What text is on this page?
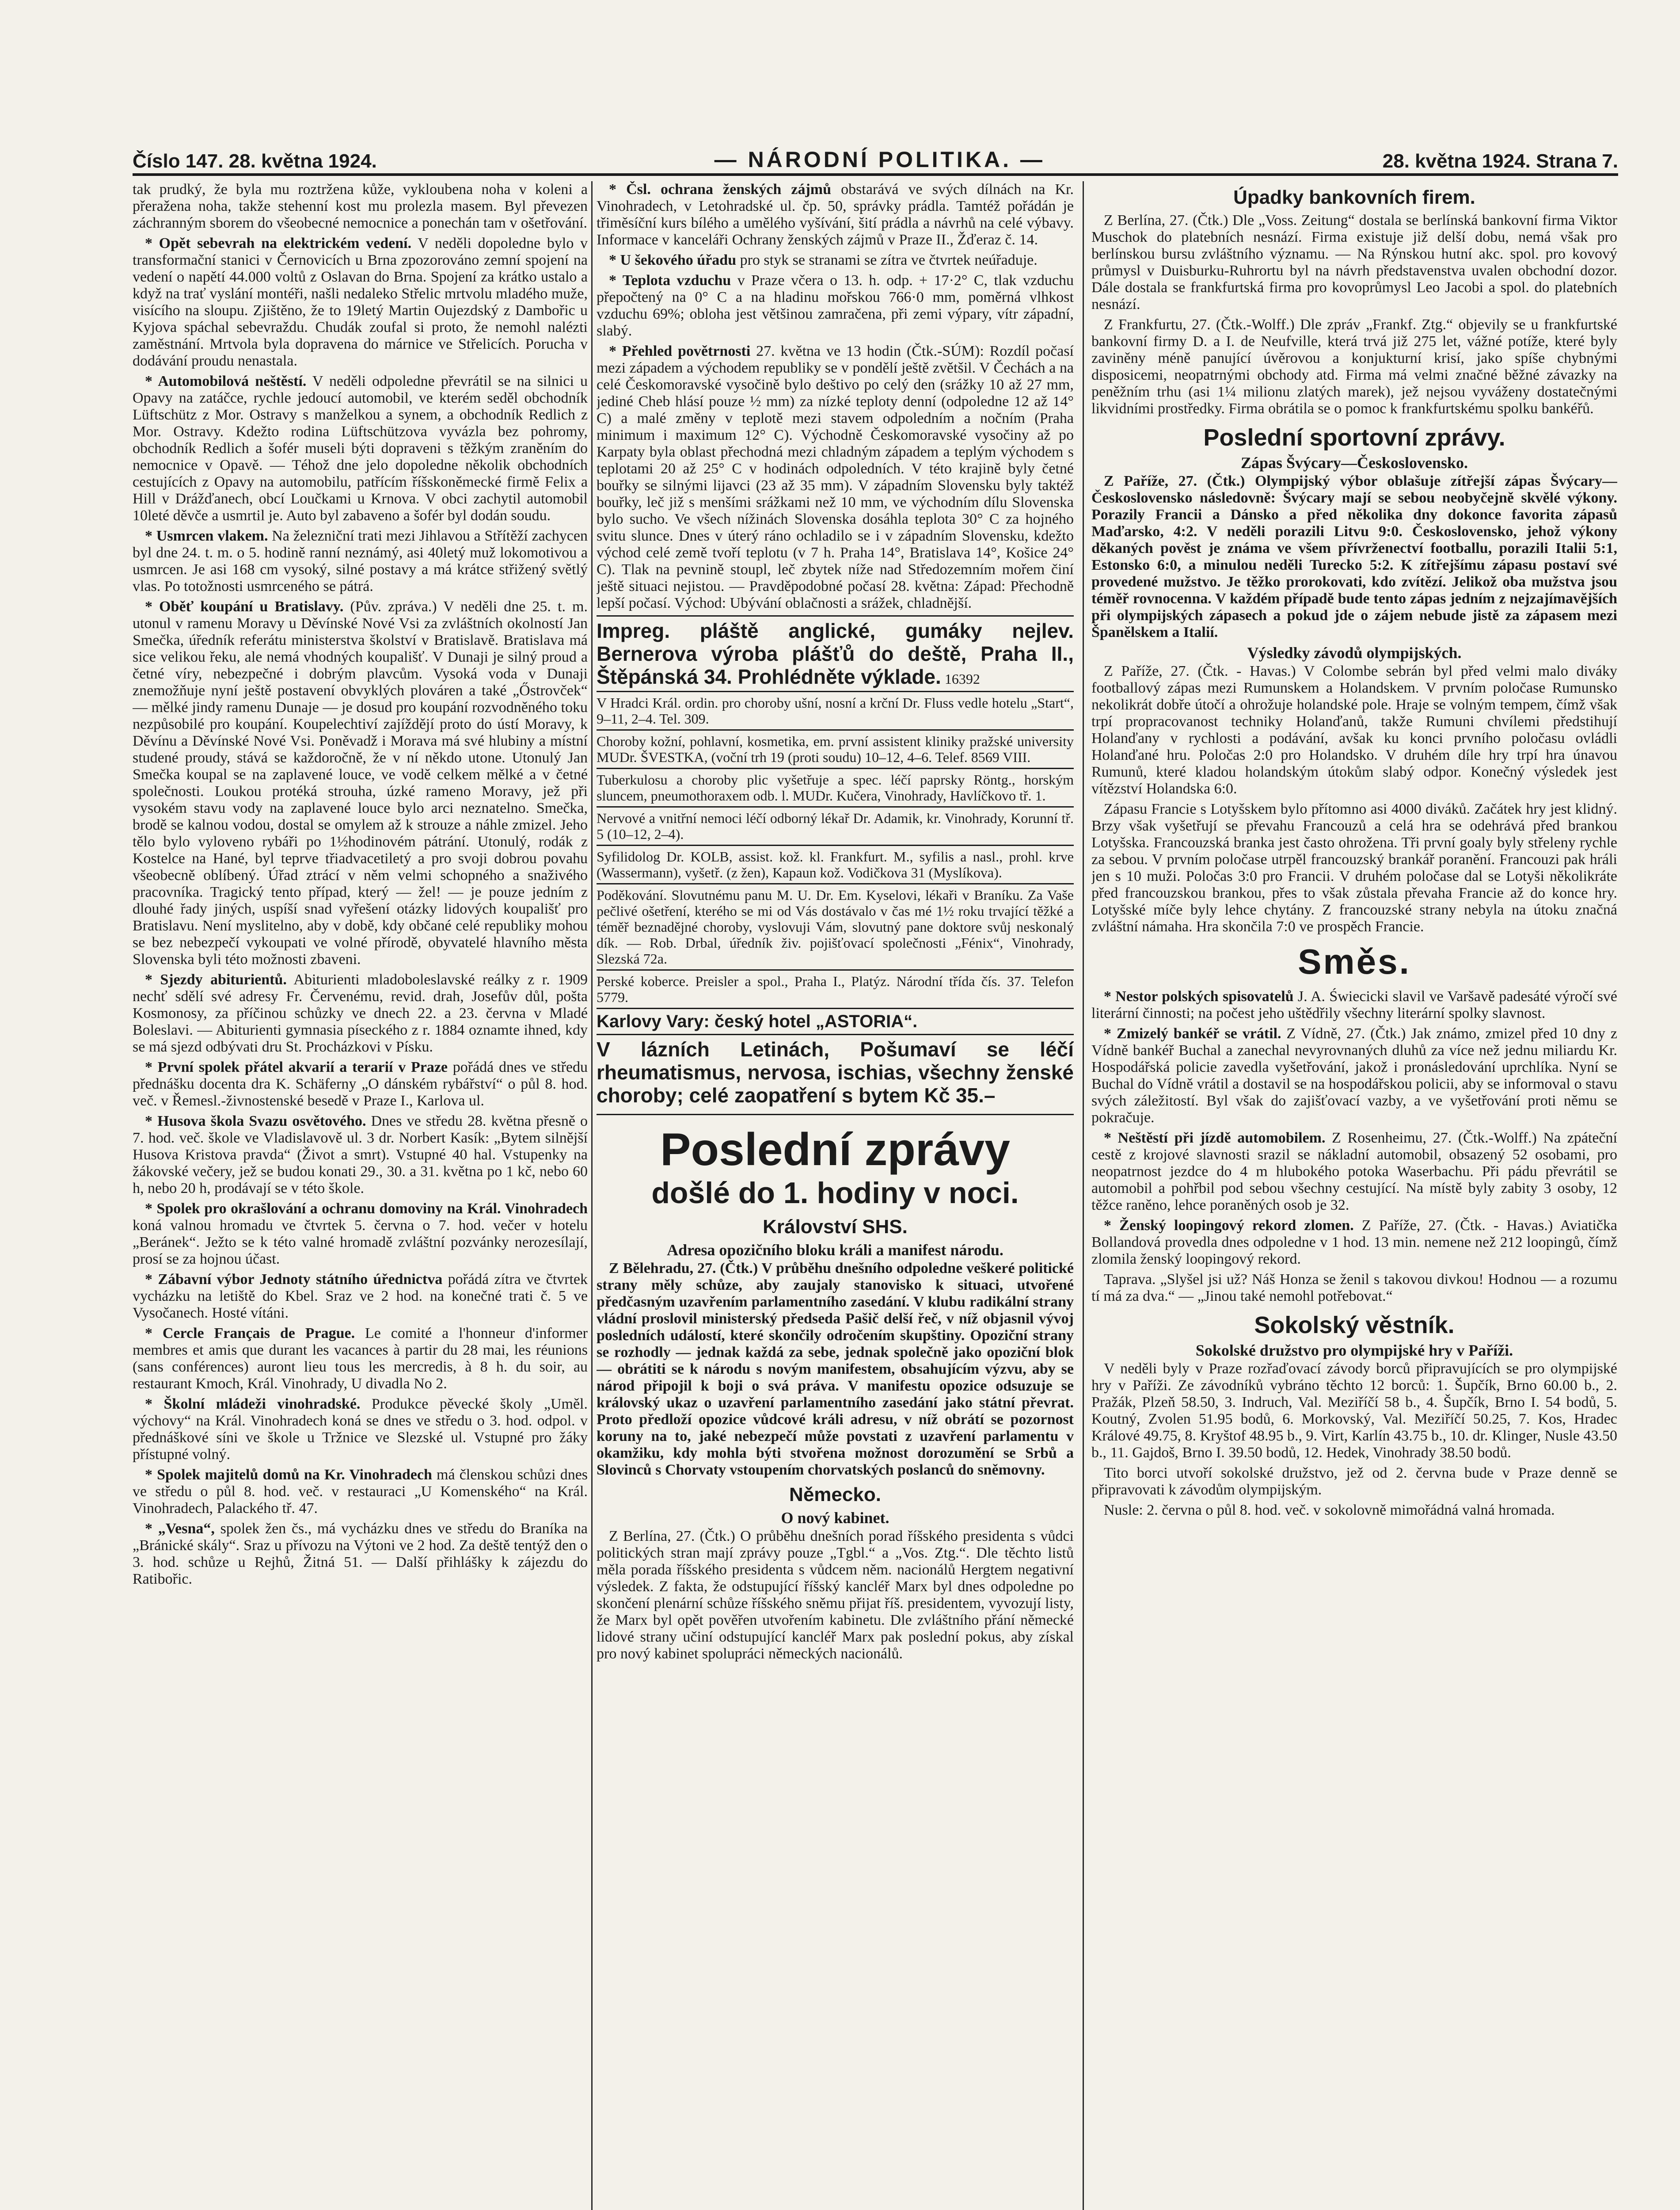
Číslo 147. 28. května 1924.	— NÁRODNÍ POLITIKA. —	28. května 1924. Strana 7.

tak prudký, že byla mu roztržena kůže, vykloubena noha v koleni a přeražena noha, takže stehenní kost mu prolezla masem. Byl převezen záchranným sborem do všeobecné nemocnice a ponechán tam v ošetřování.

* Opět sebevrah na elektrickém vedení. V neděli dopoledne bylo v transformační stanici v Černovicích u Brna zpozorováno zemní spojení na vedení o napětí 44.000 voltů z Oslavan do Brna. Spojení za krátko ustalo a když na trať vyslání montéři, našli nedaleko Střelic mrtvolu mladého muže, visícího na sloupu. Zjištěno, že to 19letý Martin Oujezdský z Dambořic u Kyjova spáchal sebevraždu. Chudák zoufal si proto, že nemohl nalézti zaměstnání. Mrtvola byla dopravena do márnice ve Střelicích. Porucha v dodávání proudu nenastala.

* Automobilová neštěstí. V neděli odpoledne převrátil se na silnici u Opavy na zatáčce, rychle jedoucí automobil, ve kterém seděl obchodník Lüftschütz z Mor. Ostravy s manželkou a synem, a obchodník Redlich z Mor. Ostravy. Kdežto rodina Lüftschützova vyvázla bez pohromy, obchodník Redlich a šofér museli býti dopraveni s těžkým zraněním do nemocnice v Opavě. — Téhož dne jelo dopoledne několik obchodních cestujících z Opavy na automobilu, patřícím říšskoněmecké firmě Felix a Hill v Drážďanech, obcí Loučkami u Krnova. V obci zachytil automobil 10leté děvče a usmrtil je. Auto byl zabaveno a šofér byl dodán soudu.

* Usmrcen vlakem. Na železniční trati mezi Jihlavou a Střítěží zachycen byl dne 24. t. m. o 5. hodině ranní neznámý, asi 40letý muž lokomotivou a usmrcen. Je asi 168 cm vysoký, silné postavy a má krátce střižený světlý vlas. Po totožnosti usmrceného se pátrá.

* Oběť koupání u Bratislavy. (Pův. zpráva.) V neděli dne 25. t. m. utonul v ramenu Moravy u Děvínské Nové Vsi za zvláštních okolností Jan Smečka, úředník referátu ministerstva školství v Bratislavě. Bratislava má sice velikou řeku, ale nemá vhodných koupališť. V Dunaji je silný proud a četné víry, nebezpečné i dobrým plavcům. Vysoká voda v Dunaji znemožňuje nyní ještě postavení obvyklých plováren a také „Őstrovček“ — mělké jindy ramenu Dunaje — je dosud pro koupání rozvodněného toku nezpůsobilé pro koupání. Koupelechtiví zajíždějí proto do ústí Moravy, k Děvínu a Děvínské Nové Vsi. Poněvadž i Morava má své hlubiny a místní studené proudy, stává se každoročně, že v ní někdo utone. Utonulý Jan Smečka koupal se na zaplavené louce, ve vodě celkem mělké a v četné společnosti. Loukou protéká strouha, úzké rameno Moravy, jež při vysokém stavu vody na zaplavené louce bylo arci neznatelno. Smečka, brodě se kalnou vodou, dostal se omylem až k strouze a náhle zmizel. Jeho tělo bylo vyloveno rybáři po 1½hodinovém pátrání. Utonulý, rodák z Kostelce na Hané, byl teprve třiadvacetiletý a pro svoji dobrou povahu všeobecně oblíbený. Úřad ztrácí v něm velmi schopného a snaživého pracovníka. Tragický tento případ, který — žel! — je pouze jedním z dlouhé řady jiných, uspíší snad vyřešení otázky lidových koupališť pro Bratislavu. Není myslitelno, aby v době, kdy občané celé republiky mohou se bez nebezpečí vykoupati ve volné přírodě, obyvatelé hlavního města Slovenska byli této možnosti zbaveni.

* Sjezdy abiturientů. Abiturienti mladoboleslavské reálky z r. 1909 nechť sdělí své adresy Fr. Červenému, revid. drah, Josefův důl, pošta Kosmonosy, za příčinou schůzky ve dnech 22. a 23. června v Mladé Boleslavi. — Abiturienti gymnasia píseckého z r. 1884 oznamte ihned, kdy se má sjezd odbývati dru St. Procházkovi v Písku.

* První spolek přátel akvarií a terarií v Praze pořádá dnes ve středu přednášku docenta dra K. Schäferny „O dánském rybářství“ o půl 8. hod. več. v Řemesl.-živnostenské besedě v Praze I., Karlova ul.

* Husova škola Svazu osvětového. Dnes ve středu 28. května přesně o 7. hod. več. škole ve Vladislavově ul. 3 dr. Norbert Kasík: „Bytem silnější Husova Kristova pravda“ (Život a smrt). Vstupné 40 hal. Vstupenky na žákovské večery, jež se budou konati 29., 30. a 31. května po 1 kč, nebo 60 h, nebo 20 h, prodávají se v této škole.

* Spolek pro okrašlování a ochranu domoviny na Král. Vinohradech koná valnou hromadu ve čtvrtek 5. června o 7. hod. večer v hotelu „Beránek“. Ježto se k této valné hromadě zvláštní pozvánky nerozesílají, prosí se za hojnou účast.

* Zábavní výbor Jednoty státního úřednictva pořádá zítra ve čtvrtek vycházku na letiště do Kbel. Sraz ve 2 hod. na konečné trati č. 5 ve Vysočanech. Hosté vítáni.

* Cercle Français de Prague. Le comité a l'honneur d'informer membres et amis que durant les vacances à partir du 28 mai, les réunions (sans conférences) auront lieu tous les mercredis, à 8 h. du soir, au restaurant Kmoch, Král. Vinohrady, U divadla No 2.

* Školní mládeži vinohradské. Produkce pěvecké školy „Uměl. výchovy“ na Král. Vinohradech koná se dnes ve středu o 3. hod. odpol. v přednáškové síni ve škole u Tržnice ve Slezské ul. Vstupné pro žáky přístupné volný.

* Spolek majitelů domů na Kr. Vinohradech má členskou schůzi dnes ve středu o půl 8. hod. več. v restauraci „U Komenského“ na Král. Vinohradech, Palackého tř. 47.

* „Vesna“, spolek žen čs., má vycházku dnes ve středu do Braníka na „Bránické skály“. Sraz u přívozu na Výtoni ve 2 hod. Za deště tentýž den o 3. hod. schůze u Rejhů, Žitná 51. — Další přihlášky k zájezdu do Ratibořic.

* Čsl. ochrana ženských zájmů obstarává ve svých dílnách na Kr. Vinohradech, v Letohradské ul. čp. 50, správky prádla. Tamtéž pořádán je třiměsíční kurs bílého a umělého vyšívání, šití prádla a návrhů na celé výbavy. Informace v kanceláři Ochrany ženských zájmů v Praze II., Žďeraz č. 14.

* U šekového úřadu pro styk se stranami se zítra ve čtvrtek neúřaduje.

* Teplota vzduchu v Praze včera o 13. h. odp. + 17·2° C, tlak vzduchu přepočtený na 0° C a na hladinu mořskou 766·0 mm, poměrná vlhkost vzduchu 69%; obloha jest většinou zamračena, při zemi výpary, vítr západní, slabý.

* Přehled povětrnosti 27. května ve 13 hodin (Čtk.-SÚM): Rozdíl počasí mezi západem a východem republiky se v pondělí ještě zvětšil. V Čechách a na celé Českomoravské vysočině bylo deštivo po celý den (srážky 10 až 27 mm, jediné Cheb hlásí pouze ½ mm) za nízké teploty denní (odpoledne 12 až 14° C) a malé změny v teplotě mezi stavem odpoledním a nočním (Praha minimum i maximum 12° C). Východně Českomoravské vysočiny až po Karpaty byla oblast přechodná mezi chladným západem a teplým východem s teplotami 20 až 25° C v hodinách odpoledních. V této krajině byly četné bouřky se silnými lijavci (23 až 35 mm). V západním Slovensku byly taktéž bouřky, leč již s menšími srážkami než 10 mm, ve východním dílu Slovenska bylo sucho. Ve všech nížinách Slovenska dosáhla teplota 30° C za hojného svitu slunce. Dnes v úterý ráno ochladilo se i v západním Slovensku, kdežto východ celé země tvoří teplotu (v 7 h. Praha 14°, Bratislava 14°, Košice 24° C). Tlak na pevnině stoupl, leč zbytek níže nad Středozemním mořem činí ještě situaci nejistou. — Pravděpodobné počasí 28. května: Západ: Přechodně lepší počasí. Východ: Ubývání oblačnosti a srážek, chladnější.

Impreg. pláště anglické, gumáky nejlev. Bernerova výroba plášťů do deště, Praha II., Štěpánská 34. Prohlédněte výklade. 16392
V Hradci Král. ordin. pro choroby ušní, nosní a krční Dr. Fluss vedle hotelu „Start“, 9–11, 2–4. Tel. 309.
Choroby kožní, pohlavní, kosmetika, em. první assistent kliniky pražské university MUDr. ŠVESTKA, (voční trh 19 (proti soudu) 10–12, 4–6. Telef. 8569 VIII.
Tuberkulosu a choroby plic vyšetřuje a spec. léčí paprsky Röntg., horským sluncem, pneumothoraxem odb. l. MUDr. Kučera, Vinohrady, Havlíčkovo tř. 1.
Nervové a vnitřní nemoci léčí odborný lékař Dr. Adamik, kr. Vinohrady, Korunní tř. 5 (10–12, 2–4).
Syfilidolog Dr. KOLB, assist. kož. kl. Frankfurt. M., syfilis a nasl., prohl. krve (Wassermann), vyšetř. (z žen), Kapaun kož. Vodičkova 31 (Myslíkova).
Poděkování. Slovutnému panu M. U. Dr. Em. Kyselovi, lékaři v Braníku. Za Vaše pečlivé ošetření, kterého se mi od Vás dostávalo v čas mé 1½ roku trvající těžké a téměř beznadějné choroby, vyslovuji Vám, slovutný pane doktore svůj neskonalý dík. — Rob. Drbal, úředník živ. pojišťovací společnosti „Fénix“, Vinohrady, Slezská 72a.
Perské koberce. Preisler a spol., Praha I., Platýz. Národní třída čís. 37. Telefon 5779.
Karlovy Vary: český hotel „ASTORIA“.
V lázních Letinách, Pošumaví se léčí rheumatismus, nervosa, ischias, všechny ženské choroby; celé zaopatření s bytem Kč 35.–
Poslední zprávy
došlé do 1. hodiny v noci.
Království SHS.
Adresa opozičního bloku králi a manifest národu.

Z Bělehradu, 27. (Čtk.) V průběhu dnešního odpoledne veškeré politické strany měly schůze, aby zaujaly stanovisko k situaci, utvořené předčasným uzavřením parlamentního zasedání. V klubu radikální strany vládní proslovil ministerský předseda Pašič delší řeč, v níž objasnil vývoj posledních událostí, které skončily odročením skupštiny. Opoziční strany se rozhodly — jednak každá za sebe, jednak společně jako opoziční blok — obrátiti se k národu s novým manifestem, obsahujícím výzvu, aby se národ připojil k boji o svá práva. V manifestu opozice odsuzuje se královský ukaz o uzavření parlamentního zasedání jako státní převrat. Proto předloží opozice vůdcové králi adresu, v níž obrátí se pozornost koruny na to, jaké nebezpečí může povstati z uzavření parlamentu v okamžiku, kdy mohla býti stvořena možnost dorozumění se Srbů a Slovinců s Chorvaty vstoupením chorvatských poslanců do sněmovny.

Německo.
O nový kabinet.

Z Berlína, 27. (Čtk.) O průběhu dnešních porad říšského presidenta s vůdci politických stran mají zprávy pouze „Tgbl.“ a „Vos. Ztg.“. Dle těchto listů měla porada říšského presidenta s vůdcem něm. nacionálů Hergtem negativní výsledek. Z fakta, že odstupující říšský kancléř Marx byl dnes odpoledne po skončení plenární schůze říšského sněmu přijat říš. presidentem, vyvozují listy, že Marx byl opět pověřen utvořením kabinetu. Dle zvláštního přání německé lidové strany učiní odstupující kancléř Marx pak poslední pokus, aby získal pro nový kabinet spolupráci německých nacionálů.

Úpadky bankovních firem.

Z Berlína, 27. (Čtk.) Dle „Voss. Zeitung“ dostala se berlínská bankovní firma Viktor Muschok do platebních nesnází. Firma existuje již delší dobu, nemá však pro berlínskou bursu zvláštního významu. — Na Rýnskou hutní akc. spol. pro kovový průmysl v Duisburku-Ruhrortu byl na návrh představenstva uvalen obchodní dozor. Dále dostala se frankfurtská firma pro kovoprůmysl Leo Jacobi a spol. do platebních nesnází.

Z Frankfurtu, 27. (Čtk.-Wolff.) Dle zpráv „Frankf. Ztg.“ objevily se u frankfurtské bankovní firmy D. a I. de Neufville, která trvá již 275 let, vážné potíže, které byly zaviněny méně panující úvěrovou a konjukturní krisí, jako spíše chybnými disposicemi, neopatrnými obchody atd. Firma má velmi značné běžné závazky na peněžním trhu (asi 1¼ milionu zlatých marek), jež nejsou vyváženy dostatečnými likvidními prostředky. Firma obrátila se o pomoc k frankfurtskému spolku bankéřů.

Poslední sportovní zprávy.
Zápas Švýcary—Československo.

Z Paříže, 27. (Čtk.) Olympijský výbor oblašuje zítřejší zápas Švýcary—Československo následovně: Švýcary mají se sebou neobyčejně skvělé výkony. Porazily Francii a Dánsko a před několika dny dokonce favorita zápasů Maďarsko, 4:2. V neděli porazili Litvu 9:0. Československo, jehož výkony děkaných pověst je známa ve všem přívrženectví footballu, porazili Italii 5:1, Estonsko 6:0, a minulou neděli Turecko 5:2. K zítřejšímu zápasu postaví své provedené mužstvo. Je těžko prorokovati, kdo zvítězí. Jelikož oba mužstva jsou téměř rovnocenna. V každém případě bude tento zápas jedním z nejzajímavějších při olympijských zápasech a pokud jde o zájem nebude jistě za zápasem mezi Španělskem a Italií.

Výsledky závodů olympijských.

Z Paříže, 27. (Čtk. - Havas.) V Colombe sebrán byl před velmi malo diváky footballový zápas mezi Rumunskem a Holandskem. V prvním poločase Rumunsko nekolikrát dobře útočí a ohrožuje holandské pole. Hraje se volným tempem, čímž však trpí propracovanost techniky Holanďanů, takže Rumuni chvílemi předstihují Holanďany v rychlosti a podávání, avšak ku konci prvního poločasu ovládli Holanďané hru. Poločas 2:0 pro Holandsko. V druhém díle hry trpí hra únavou Rumunů, které kladou holandským útokům slabý odpor. Konečný výsledek jest vítězství Holandska 6:0.

Zápasu Francie s Lotyšskem bylo přítomno asi 4000 diváků. Začátek hry jest klidný. Brzy však vyšetřují se převahu Francouzů a celá hra se odehrává před brankou Lotyšska. Francouzská branka jest často ohrožena. Tři první goaly byly střeleny rychle za sebou. V prvním poločase utrpěl francouzský brankář poranění. Francouzi pak hráli jen s 10 muži. Poločas 3:0 pro Francii. V druhém poločase dal se Lotyši několikráte před francouzskou brankou, přes to však zůstala převaha Francie až do konce hry. Lotyšské míče byly lehce chytány. Z francouzské strany nebyla na útoku značná zvláštní námaha. Hra skončila 7:0 ve prospěch Francie.

Směs.

* Nestor polských spisovatelů J. A. Świecicki slavil ve Varšavě padesáté výročí své literární činnosti; na počest jeho uštědřily všechny literární spolky slavnost.

* Zmizelý bankéř se vrátil. Z Vídně, 27. (Čtk.) Jak známo, zmizel před 10 dny z Vídně bankéř Buchal a zanechal nevyrovnaných dluhů za více než jednu miliardu Kr. Hospodářská policie zavedla vyšetřování, jakož i pronásledování uprchlíka. Nyní se Buchal do Vídně vrátil a dostavil se na hospodářskou policii, aby se informoval o stavu svých záležitostí. Byl však do zajišťovací vazby, a ve vyšetřování proti němu se pokračuje.

* Neštěstí při jízdě automobilem. Z Rosenheimu, 27. (Čtk.-Wolff.) Na zpáteční cestě z krojové slavnosti srazil se nákladní automobil, obsazený 52 osobami, pro neopatrnost jezdce do 4 m hlubokého potoka Waserbachu. Při pádu převrátil se automobil a pohřbil pod sebou všechny cestující. Na místě byly zabity 3 osoby, 12 těžce raněno, lehce poraněných osob je 32.

* Ženský loopingový rekord zlomen. Z Paříže, 27. (Čtk. - Havas.) Aviatička Bollandová provedla dnes odpoledne v 1 hod. 13 min. nemene než 212 loopingů, čímž zlomila ženský loopingový rekord.

Taprava. „Slyšel jsi už? Náš Honza se ženil s takovou divkou! Hodnou — a rozumu tí má za dva.“ — „Jinou také nemohl potřebovat.“

Sokolský věstník.
Sokolské družstvo pro olympijské hry v Paříži.

V neděli byly v Praze rozřaďovací závody borců připravujících se pro olympijské hry v Paříži. Ze závodníků vybráno těchto 12 borců: 1. Šupčík, Brno 60.00 b., 2. Pražák, Plzeň 58.50, 3. Indruch, Val. Meziříčí 58 b., 4. Šupčík, Brno I. 54 bodů, 5. Koutný, Zvolen 51.95 bodů, 6. Morkovský, Val. Meziříčí 50.25, 7. Kos, Hradec Králové 49.75, 8. Kryštof 48.95 b., 9. Virt, Karlín 43.75 b., 10. dr. Klinger, Nusle 43.50 b., 11. Gajdoš, Brno I. 39.50 bodů, 12. Hedek, Vinohrady 38.50 bodů.

Tito borci utvoří sokolské družstvo, jež od 2. června bude v Praze denně se připravovati k závodům olympijským.

Nusle: 2. června o půl 8. hod. več. v sokolovně mimořádná valná hromada.
